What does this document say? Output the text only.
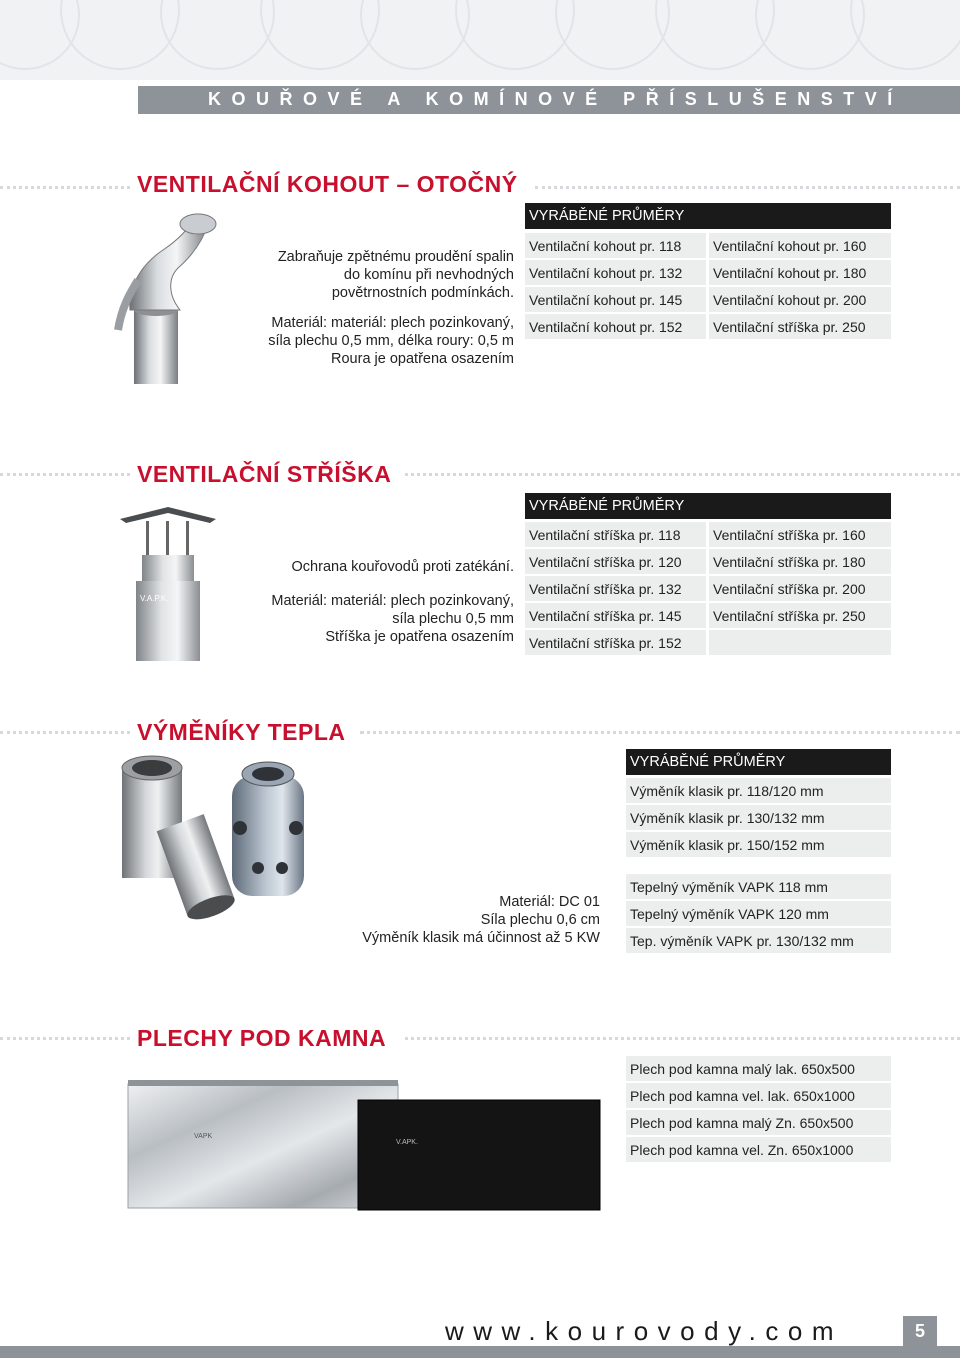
KOUŘOVÉ A KOMÍNOVÉ PŘÍSLUŠENSTVÍ
VENTILAČNÍ KOHOUT – OTOČNÝ

Zabraňuje zpětnému proudění spalin

do komínu při nevhodných

povětrnostních podmínkách.

Materiál: materiál: plech pozinkovaný,

síla plechu 0,5 mm, délka roury: 0,5 m

Roura je opatřena osazením

VYRÁBĚNÉ PRŮMĚRY
Ventilační kohout pr. 118	Ventilační kohout pr. 160
Ventilační kohout pr. 132	Ventilační kohout pr. 180
Ventilační kohout pr. 145	Ventilační kohout pr. 200
Ventilační kohout pr. 152	Ventilační stříška pr. 250
VENTILAČNÍ STŘÍŠKA
V.A.P.K.

Ochrana kouřovodů proti zatékání.

Materiál: materiál: plech pozinkovaný,

síla plechu 0,5 mm

Stříška je opatřena osazením

VYRÁBĚNÉ PRŮMĚRY
Ventilační stříška pr. 118	Ventilační stříška pr. 160
Ventilační stříška pr. 120	Ventilační stříška pr. 180
Ventilační stříška pr. 132	Ventilační stříška pr. 200
Ventilační stříška pr. 145	Ventilační stříška pr. 250
Ventilační stříška pr. 152

VÝMĚNÍKY TEPLA

Materiál: DC 01

Síla plechu 0,6 cm

Výměník klasik má účinnost až 5 KW

VYRÁBĚNÉ PRŮMĚRY
Výměník klasik pr. 118/120 mm
Výměník klasik pr. 130/132 mm
Výměník klasik pr. 150/152 mm
Tepelný výměník VAPK 118 mm
Tepelný výměník VAPK 120 mm
Tep. výměník VAPK pr. 130/132 mm
PLECHY POD KAMNA
VAPK
V.APK.
Plech pod kamna malý lak. 650x500
Plech pod kamna vel. lak. 650x1000
Plech pod kamna malý Zn. 650x500
Plech pod kamna vel. Zn. 650x1000
www.kourovody.com	5
